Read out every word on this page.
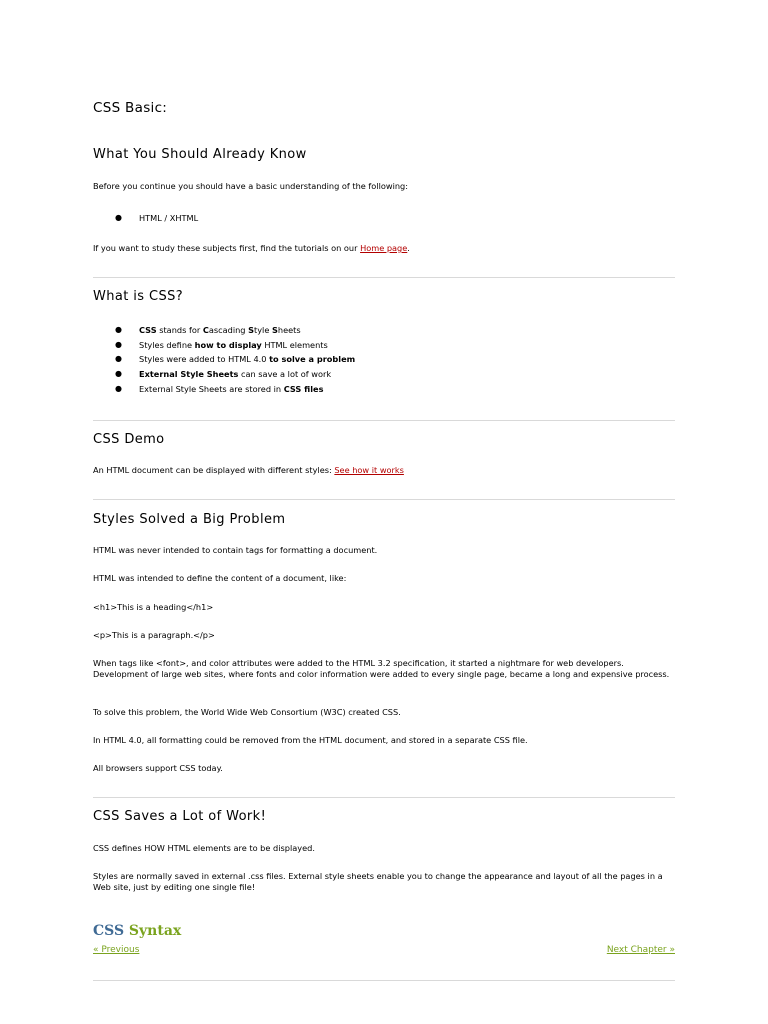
CSS Basic:
What You Should Already Know
Before you continue you should have a basic understanding of the following:
● HTML / XHTML
If you want to study these subjects first, find the tutorials on our Home page.
What is CSS?
● CSS stands for Cascading Style Sheets
● Styles define how to display HTML elements
● Styles were added to HTML 4.0 to solve a problem
● External Style Sheets can save a lot of work
● External Style Sheets are stored in CSS files
CSS Demo
An HTML document can be displayed with different styles: See how it works
Styles Solved a Big Problem
HTML was never intended to contain tags for formatting a document.
HTML was intended to define the content of a document, like:
<h1>This is a heading</h1>
<p>This is a paragraph.</p>
When tags like <font>, and color attributes were added to the HTML 3.2 specification, it started a nightmare for web developers. Development of large web sites, where fonts and color information were added to every single page, became a long and expensive process.
To solve this problem, the World Wide Web Consortium (W3C) created CSS.
In HTML 4.0, all formatting could be removed from the HTML document, and stored in a separate CSS file.
All browsers support CSS today.
CSS Saves a Lot of Work!
CSS defines HOW HTML elements are to be displayed.
Styles are normally saved in external .css files. External style sheets enable you to change the appearance and layout of all the pages in a Web site, just by editing one single file!
CSS Syntax
« Previous	Next Chapter »
